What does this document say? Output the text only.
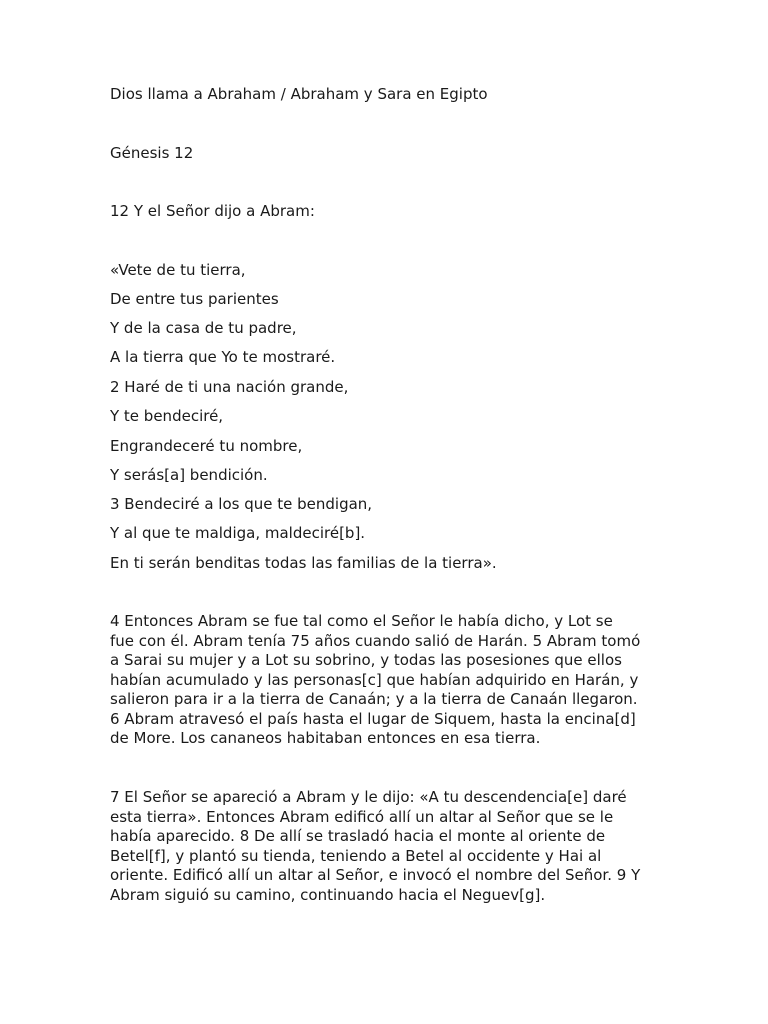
Dios llama a Abraham / Abraham y Sara en Egipto
Génesis 12
12 Y el Señor dijo a Abram:
«Vete de tu tierra,
De entre tus parientes
Y de la casa de tu padre,
A la tierra que Yo te mostraré.
2 Haré de ti una nación grande,
Y te bendeciré,
Engrandeceré tu nombre,
Y serás[a] bendición.
3 Bendeciré a los que te bendigan,
Y al que te maldiga, maldeciré[b].
En ti serán benditas todas las familias de la tierra».
4 Entonces Abram se fue tal como el Señor le había dicho, y Lot se
fue con él. Abram tenía 75 años cuando salió de Harán. 5 Abram tomó
a Sarai su mujer y a Lot su sobrino, y todas las posesiones que ellos
habían acumulado y las personas[c] que habían adquirido en Harán, y
salieron para ir a la tierra de Canaán; y a la tierra de Canaán llegaron.
6 Abram atravesó el país hasta el lugar de Siquem, hasta la encina[d]
de More. Los cananeos habitaban entonces en esa tierra.
7 El Señor se apareció a Abram y le dijo: «A tu descendencia[e] daré
esta tierra». Entonces Abram edificó allí un altar al Señor que se le
había aparecido. 8 De allí se trasladó hacia el monte al oriente de
Betel[f], y plantó su tienda, teniendo a Betel al occidente y Hai al
oriente. Edificó allí un altar al Señor, e invocó el nombre del Señor. 9 Y
Abram siguió su camino, continuando hacia el Neguev[g].
